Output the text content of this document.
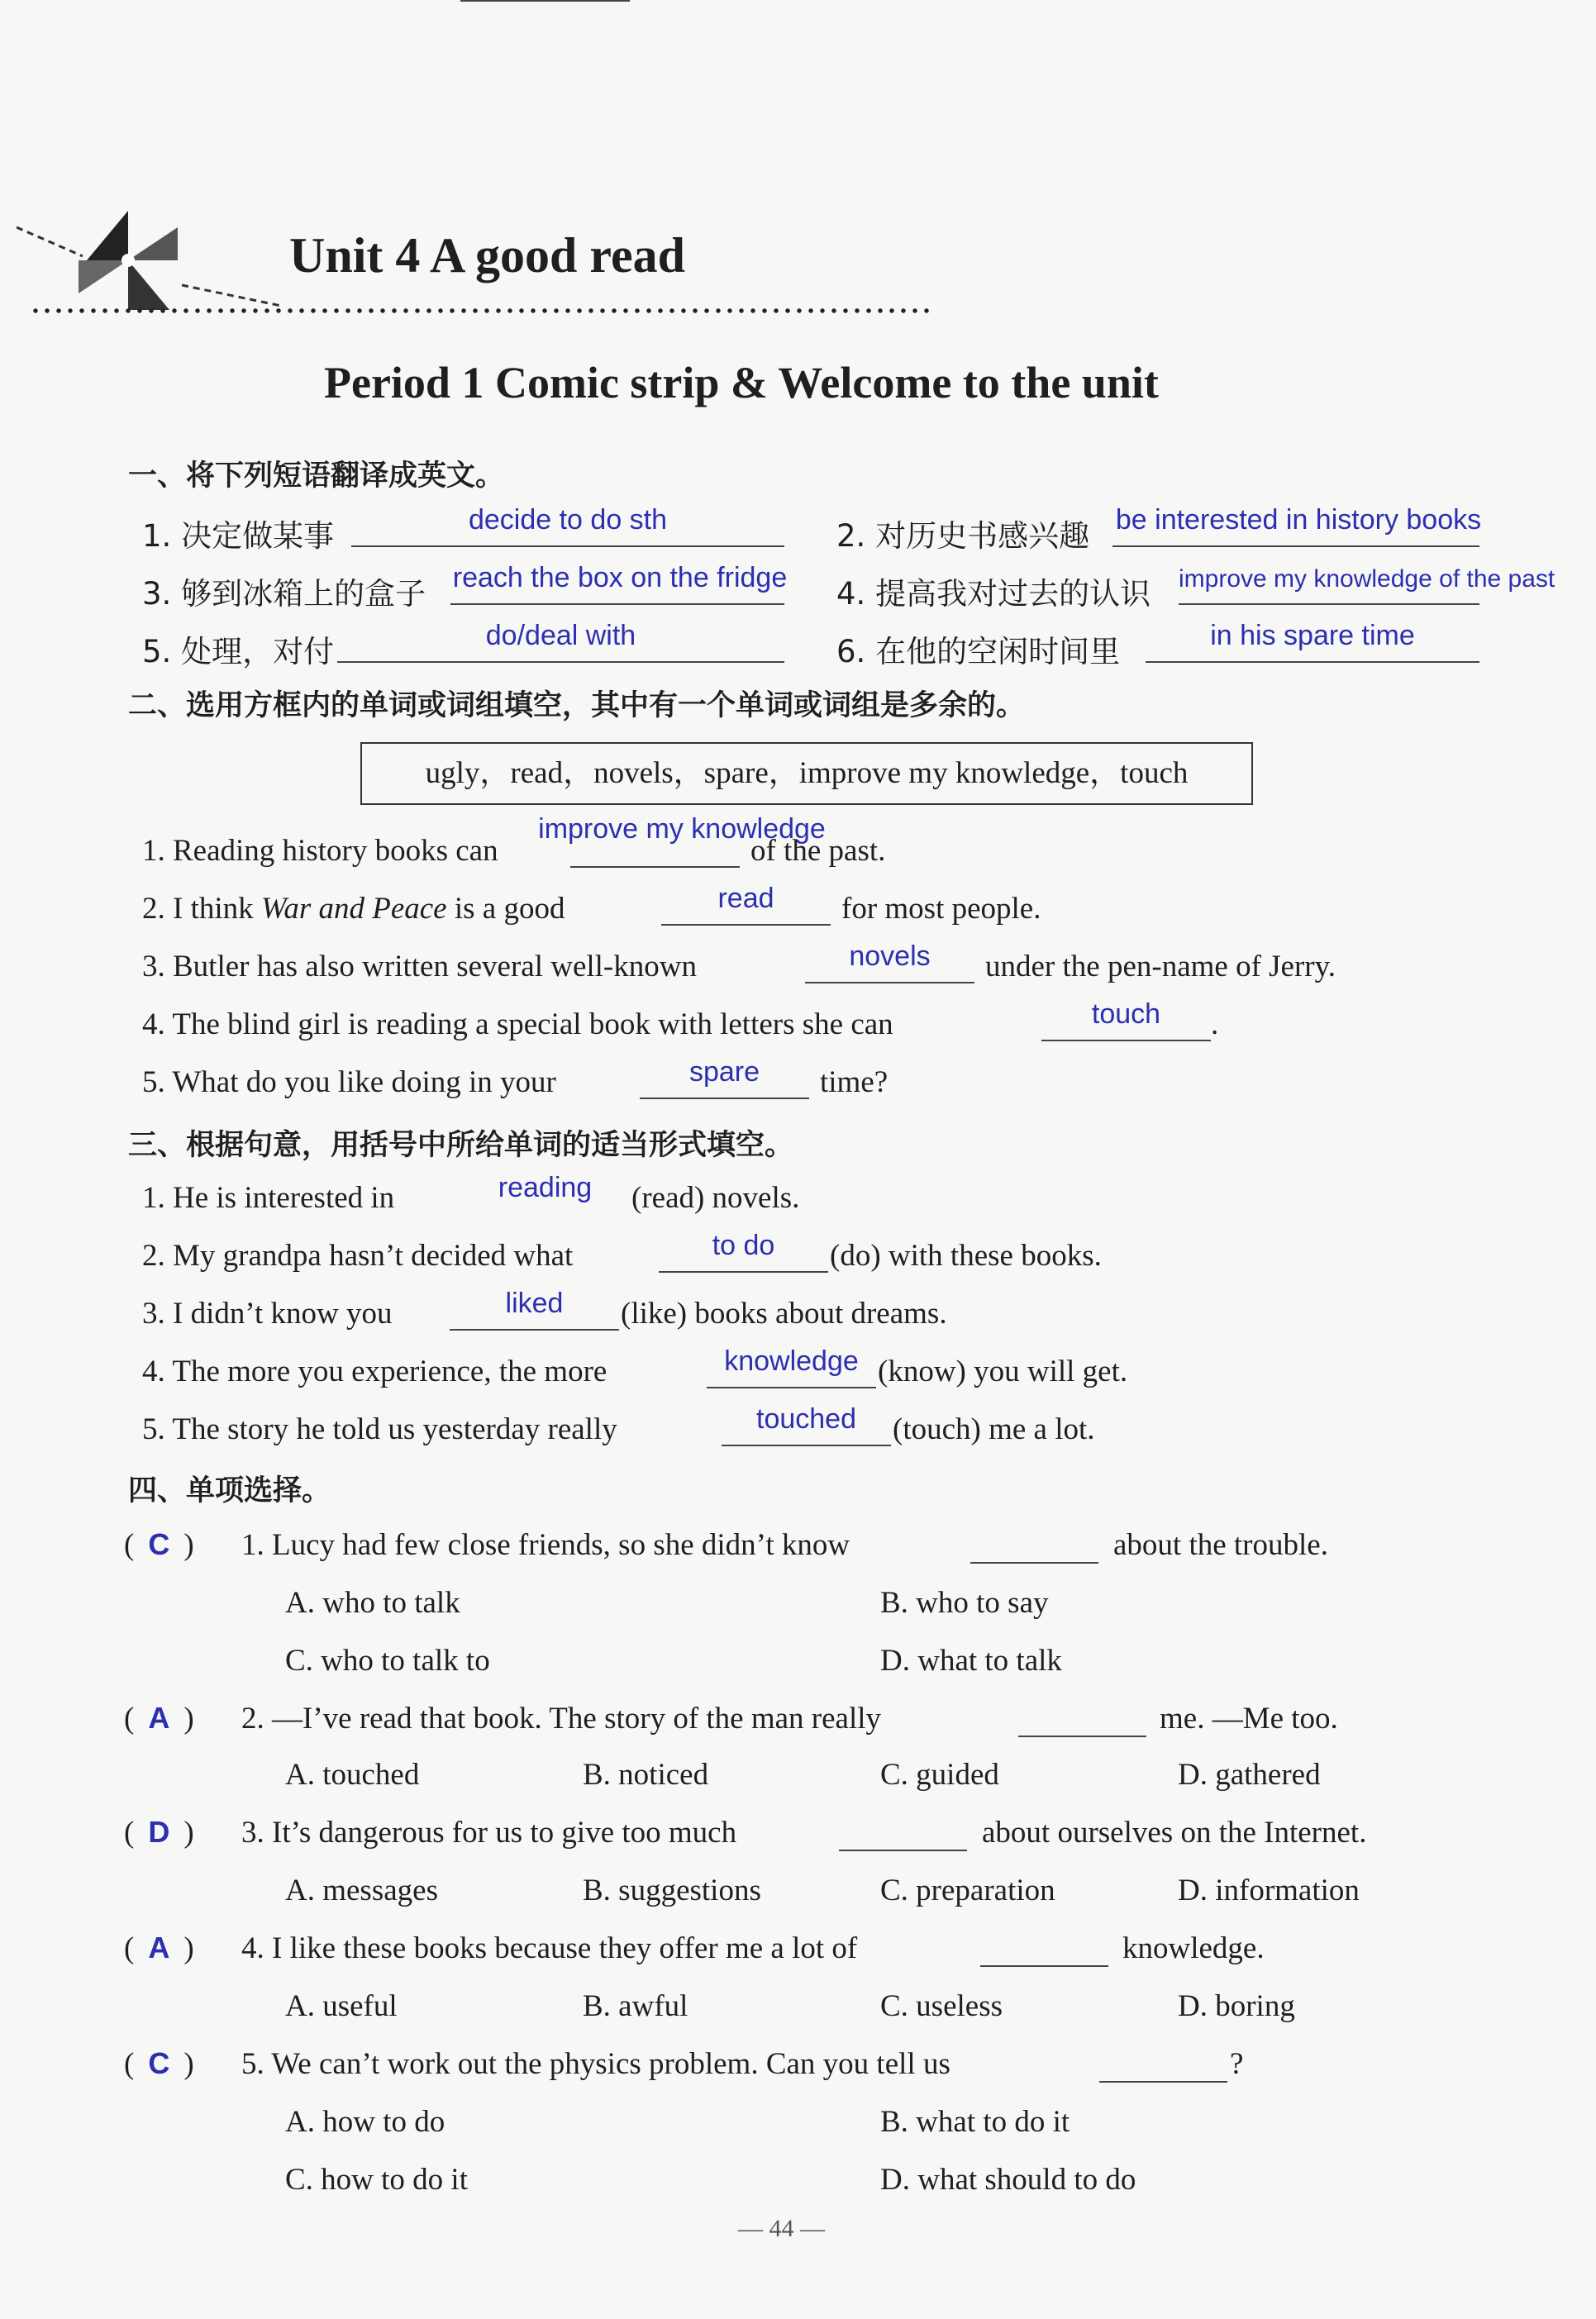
Unit 4 A good read
Period 1 Comic strip & Welcome to the unit
一、将下列短语翻译成英文。
1. 决定做某事	decide to do sth	2. 对历史书感兴趣 be interested in history books
3. 够到冰箱上的盒子 reach the box on the fridge 4. 提高我对过去的认识 improve my knowledge of the past
5. 处理，对付	do/deal with	6. 在他的空闲时间里	in his spare time
二、选用方框内的单词或词组填空，其中有一个单词或词组是多余的。
ugly，read，novels，spare，improve my knowledge，touch
1. Reading history books can
improve my knowledge
of the past.
2. I think War and Peace is a good	read	for most people.
3. Butler has also written several well-known	novels	under the pen-name of Jerry.
4. The blind girl is reading a special book with letters she can	touch	.
5. What do you like doing in your	spare	time?
三、根据句意，用括号中所给单词的适当形式填空。
1. He is interested in	reading	(read) novels.
2. My grandpa hasn’t decided what	to do	(do) with these books.
3. I didn’t know you	liked	(like) books about dreams.
4. The more you experience, the more	knowledge (know) you will get.
5. The story he told us yesterday really	touched	(touch) me a lot.
四、单项选择。
( C ) 1. Lucy had few close friends, so she didn’t know	about the trouble.
A. who to talk	B. who to say
C. who to talk to	D. what to talk
( A ) 2. —I’ve read that book. The story of the man really	me. —Me too.
A. touched	B. noticed	C. guided	D. gathered
( D ) 3. It’s dangerous for us to give too much	about ourselves on the Internet.
A. messages	B. suggestions	C. preparation	D. information
( A ) 4. I like these books because they offer me a lot of	knowledge.
A. useful	B. awful	C. useless	D. boring
( C ) 5. We can’t work out the physics problem. Can you tell us	?
A. how to do	B. what to do it
C. how to do it	D. what should to do
— 44 —
